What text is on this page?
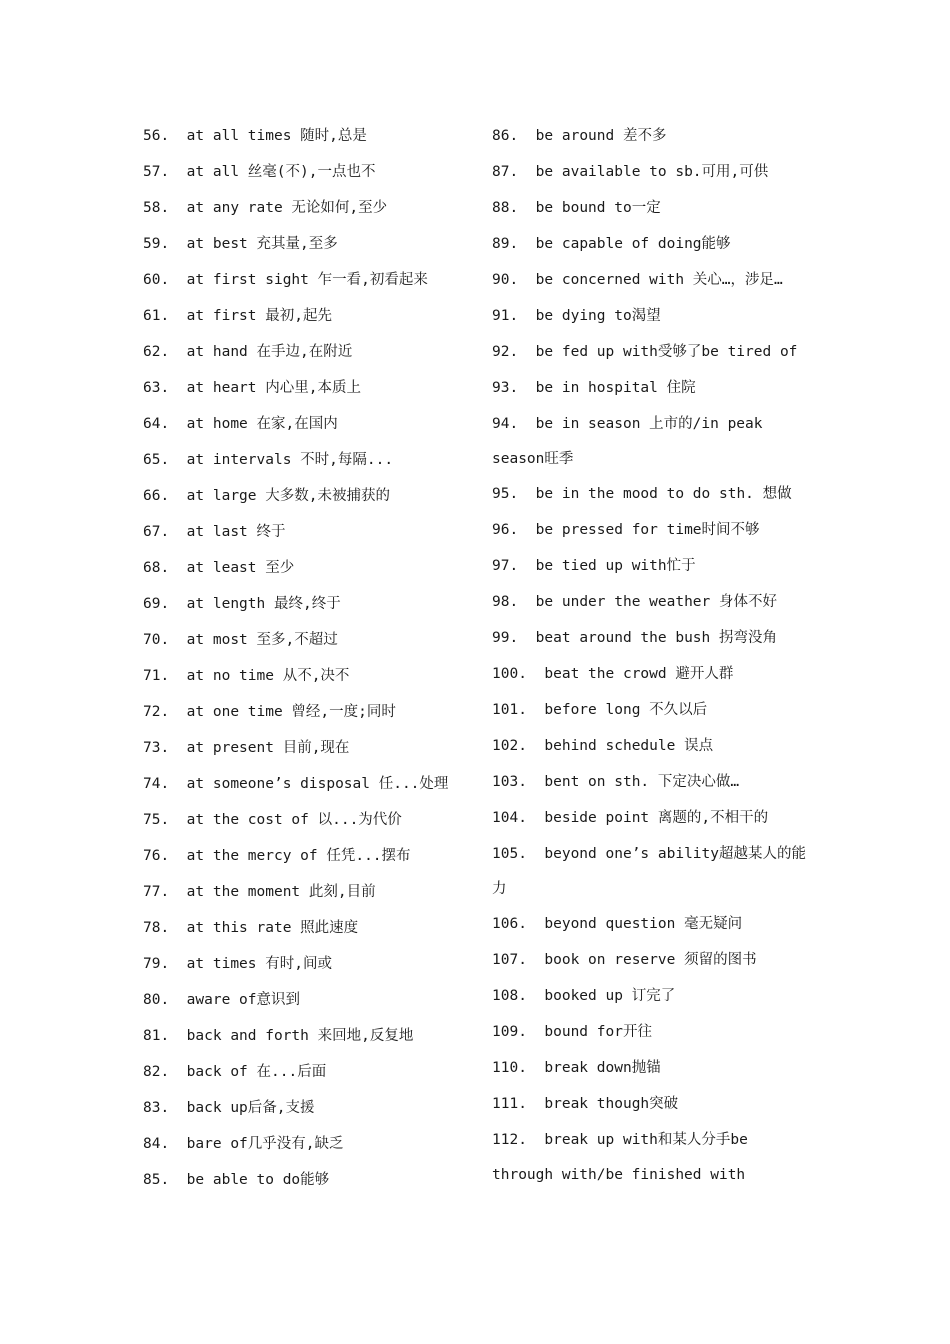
56. at all times 随时,总是
57. at all 丝毫(不),一点也不
58. at any rate 无论如何,至少
59. at best 充其量,至多
60. at first sight 乍一看,初看起来
61. at first 最初,起先
62. at hand 在手边,在附近
63. at heart 内心里,本质上
64. at home 在家,在国内
65. at intervals 不时,每隔...
66. at large 大多数,未被捕获的
67. at last 终于
68. at least 至少
69. at length 最终,终于
70. at most 至多,不超过
71. at no time 从不,决不
72. at one time 曾经,一度;同时
73. at present 目前,现在
74. at someone’s disposal 任...处理
75. at the cost of 以...为代价
76. at the mercy of 任凭...摆布
77. at the moment 此刻,目前
78. at this rate 照此速度
79. at times 有时,间或
80. aware of意识到
81. back and forth 来回地,反复地
82. back of 在...后面
83. back up后备,支援
84. bare of几乎没有,缺乏
85. be able to do能够
86. be around 差不多
87. be available to sb.可用,可供
88. be bound to一定
89. be capable of doing能够
90. be concerned with 关心…，涉足…
91. be dying to渴望
92. be fed up with受够了be tired of
93. be in hospital 住院
94. be in season 上市的/in peak
season旺季
95. be in the mood to do sth. 想做
96. be pressed for time时间不够
97. be tied up with忙于
98. be under the weather 身体不好
99. beat around the bush 拐弯没角
100. beat the crowd 避开人群
101. before long 不久以后
102. behind schedule 误点
103. bent on sth. 下定决心做…
104. beside point 离题的,不相干的
105. beyond one’s ability超越某人的能
力
106. beyond question 毫无疑问
107. book on reserve 须留的图书
108. booked up 订完了
109. bound for开往
110. break down抛锚
111. break though突破
112. break up with和某人分手be
through with/be finished with
